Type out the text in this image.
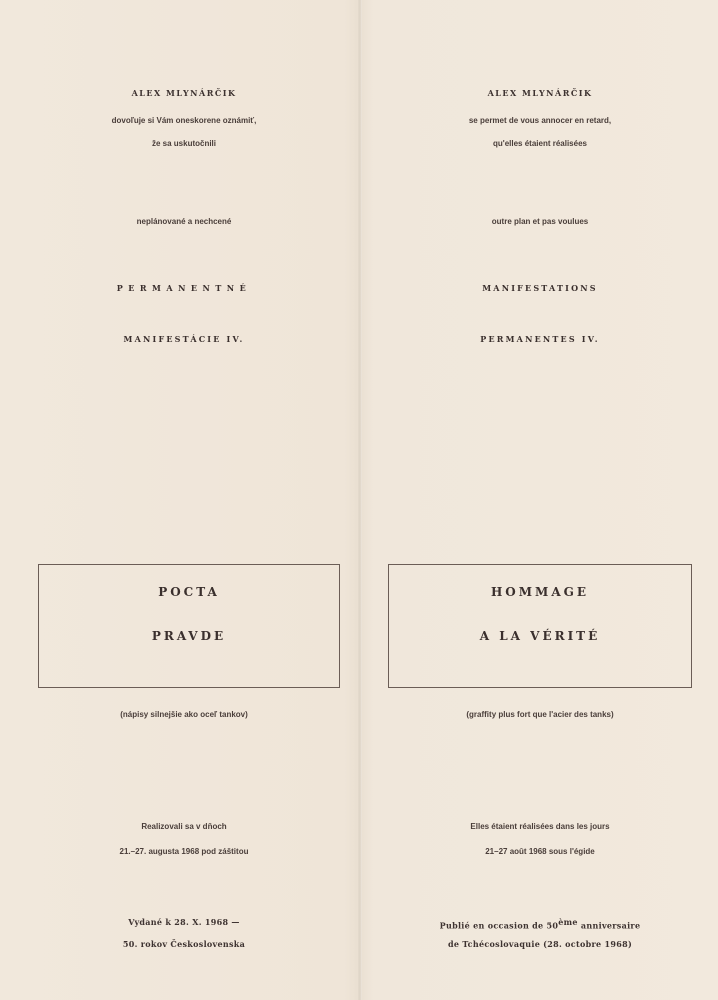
ALEX MLYNÁRČIK
dovoľuje si Vám oneskorene oznámiť,
že sa uskutočnili
neplánované a nechcené
PERMANENTNÉ
MANIFESTÁCIE IV.
POCTA
PRAVDE
(nápisy silnejšie ako oceľ tankov)
Realizovali sa v dňoch
21.–27. augusta 1968 pod záštitou
Vydané k 28. X. 1968 —
50. rokov Československa
ALEX MLYNÁRČIK
se permet de vous annocer en retard,
qu'elles étaient réalisées
outre plan et pas voulues
MANIFESTATIONS
PERMANENTES IV.
HOMMAGE
A LA VÉRITÉ
(graffity plus fort que l'acier des tanks)
Elles étaient réalisées dans les jours
21–27 août 1968 sous l'égide
Publié en occasion de 50ème anniversaire
de Tchécoslovaquie (28. octobre 1968)
